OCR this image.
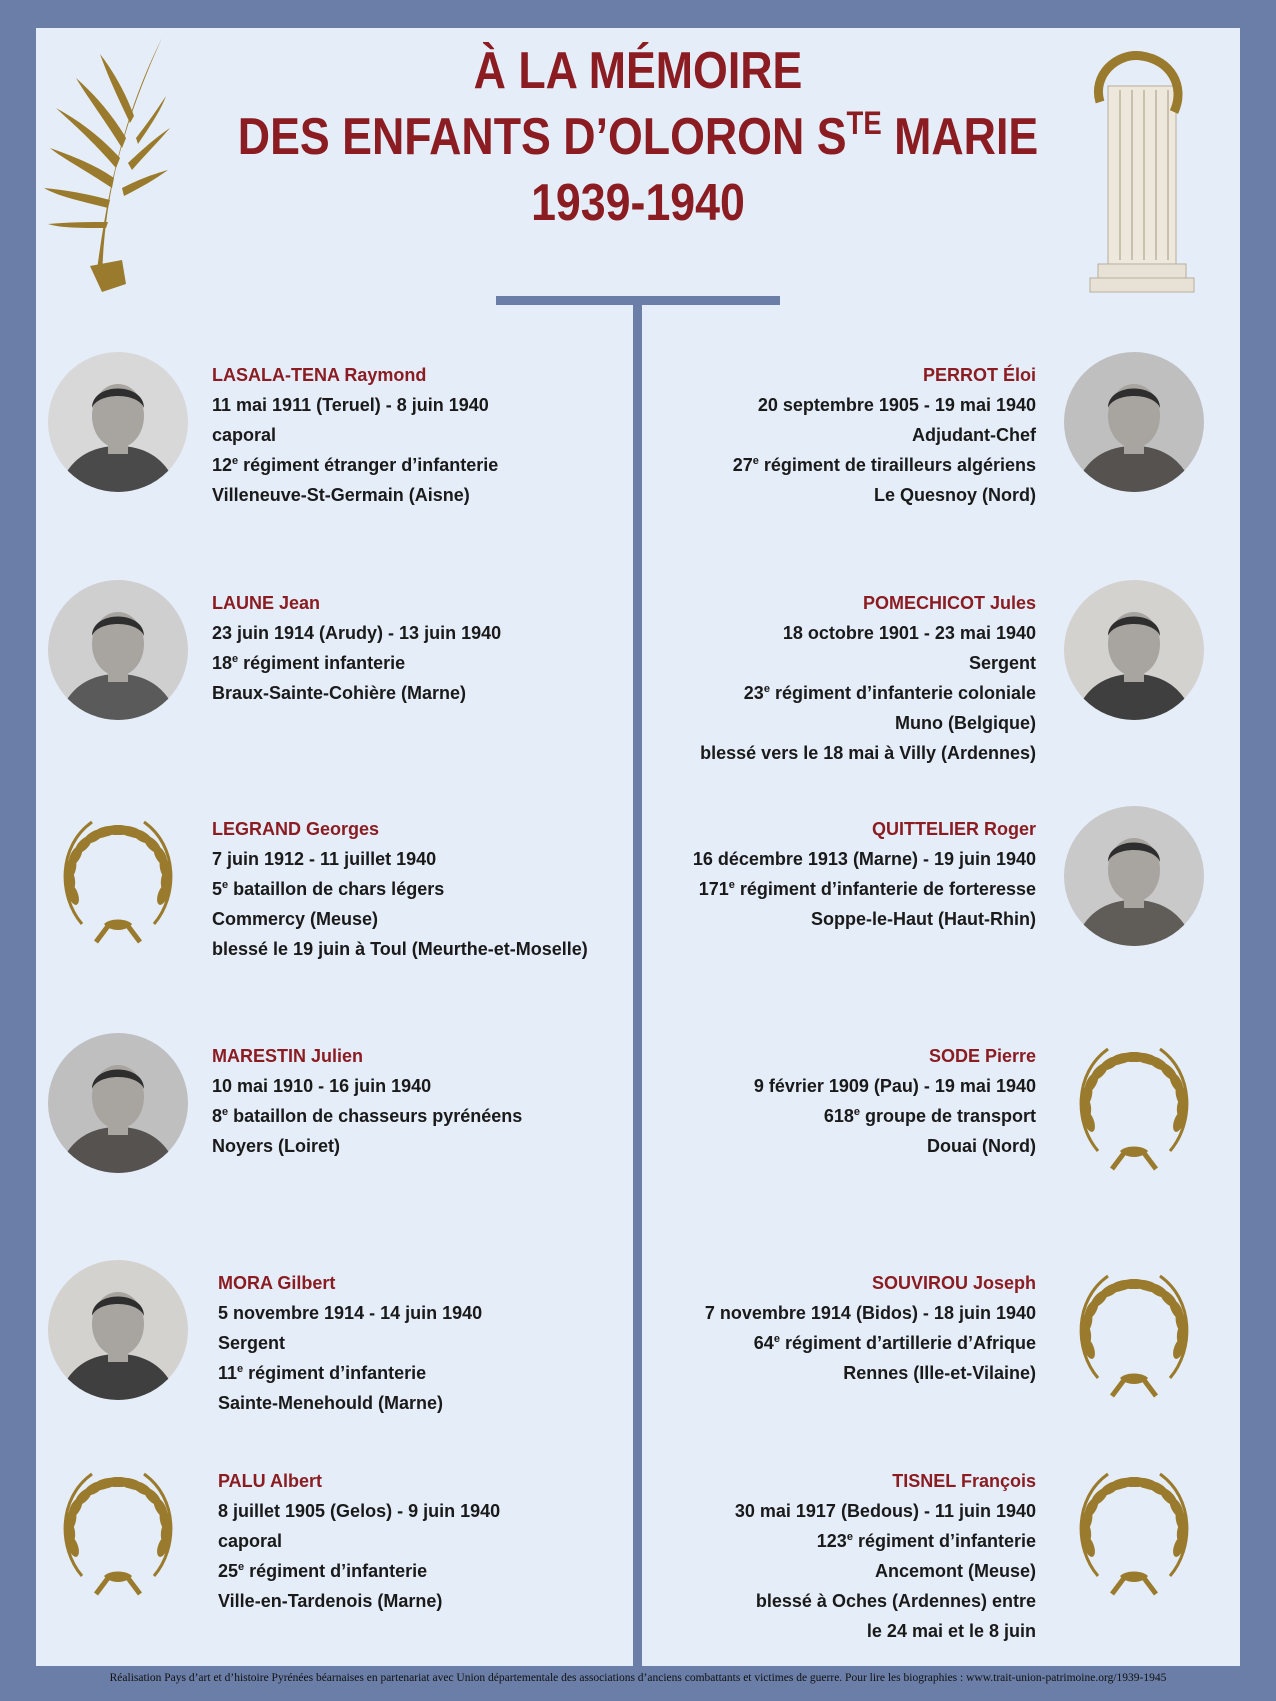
À LA MÉMOIRE
DES ENFANTS D’OLORON $S^{TE}$ MARIE
1939-1940
LASALA-TENA Raymond
11 mai 1911 (Teruel) - 8 juin 1940
caporal
12e régiment étranger d’infanterie
Villeneuve-St-Germain (Aisne)
LAUNE Jean
23 juin 1914 (Arudy) - 13 juin 1940
18e régiment infanterie
Braux-Sainte-Cohière (Marne)
LEGRAND Georges
7 juin 1912 - 11 juillet 1940
5e bataillon de chars légers
Commercy (Meuse)
blessé le 19 juin à Toul (Meurthe-et-Moselle)
MARESTIN Julien
10 mai 1910 - 16 juin 1940
8e bataillon de chasseurs pyrénéens
Noyers (Loiret)
MORA Gilbert
5 novembre 1914 - 14 juin 1940
Sergent
11e régiment d’infanterie
Sainte-Menehould (Marne)
PALU Albert
8 juillet 1905 (Gelos) - 9 juin 1940
caporal
25e régiment d’infanterie
Ville-en-Tardenois (Marne)
PERROT Éloi
20 septembre 1905 - 19 mai 1940
Adjudant-Chef
27e régiment de tirailleurs algériens
Le Quesnoy (Nord)
POMECHICOT Jules
18 octobre 1901 - 23 mai 1940
Sergent
23e régiment d’infanterie coloniale
Muno (Belgique)
blessé vers le 18 mai à Villy (Ardennes)
QUITTELIER Roger
16 décembre 1913 (Marne) - 19 juin 1940
171e régiment d’infanterie de forteresse
Soppe-le-Haut (Haut-Rhin)
SODE Pierre
9 février 1909 (Pau) - 19 mai 1940
618e groupe de transport
Douai (Nord)
SOUVIROU Joseph
7 novembre 1914 (Bidos) - 18 juin 1940
64e régiment d’artillerie d’Afrique
Rennes (Ille-et-Vilaine)
TISNEL François
30 mai 1917 (Bedous) - 11 juin 1940
123e régiment d’infanterie
Ancemont (Meuse)
blessé à Oches (Ardennes) entre
le 24 mai et le 8 juin
Réalisation Pays d’art et d’histoire Pyrénées béarnaises en partenariat avec Union départementale des associations d’anciens combattants et victimes de guerre. Pour lire les biographies : www.trait-union-patrimoine.org/1939-1945
